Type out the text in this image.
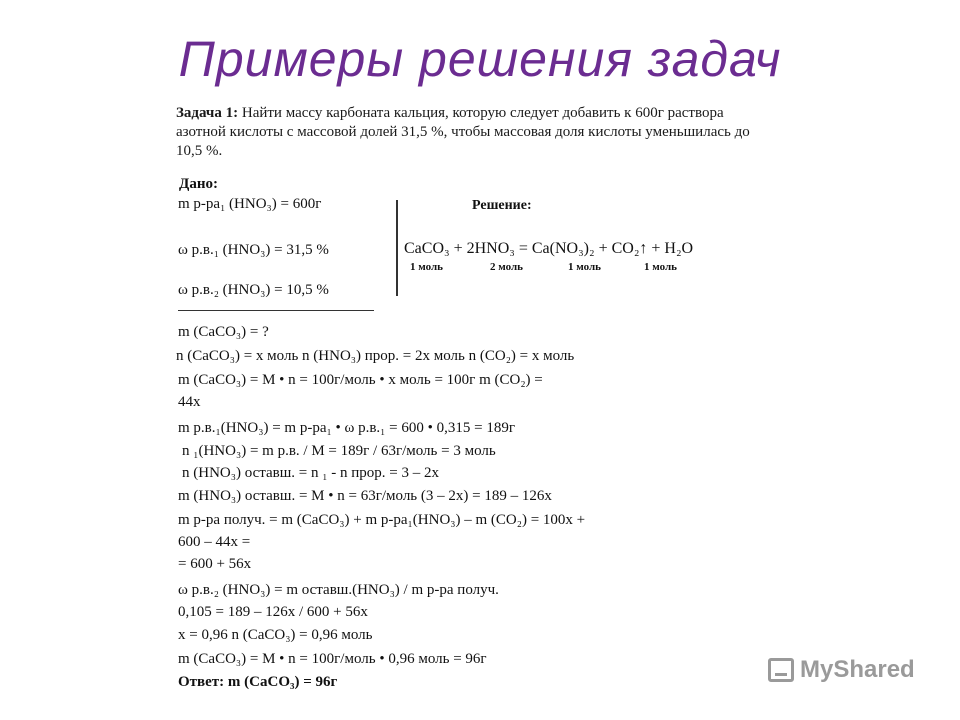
Примеры решения задач
Задача 1: Найти массу карбоната кальция, которую следует добавить к 600г раствора азотной кислоты с массовой долей 31,5 %, чтобы массовая доля кислоты уменьшилась до 10,5 %.
Дано:
m р-ра₁ (HNO₃) = 600г
ω р.в.₁ (HNO₃) = 31,5 %
ω р.в.₂ (HNO₃) = 10,5 %
m (CaCO₃) = ?
Решение:
CaCO₃ + 2HNO₃ = Ca(NO₃)₂ + CO₂↑ + H₂O
1 моль	2 моль	1 моль	1 моль
n (CaCO₃) = x моль n (HNO₃) прор. = 2x моль n (CO₂) = x моль
m (CaCO₃) = M • n = 100г/моль • x моль = 100г m (CO₂) =
44x
m р.в.₁(HNO₃) = m р-ра₁ • ω р.в.₁ = 600 • 0,315 = 189г
n ₁(HNO₃) = m р.в. / M = 189г / 63г/моль = 3 моль
n (HNO₃) оставш. = n ₁ - n прор. = 3 – 2x
m (HNO₃) оставш. = M • n = 63г/моль (3 – 2x) = 189 – 126x
m р-ра получ. = m (CaCO₃) + m р-ра₁(HNO₃) – m (CO₂) = 100x +
600 – 44x =
= 600 + 56x
ω р.в.₂ (HNO₃) = m оставш.(HNO₃) / m р-ра получ.
0,105 = 189 – 126x / 600 + 56x
x = 0,96 n (CaCO₃) = 0,96 моль
m (CaCO₃) = M • n = 100г/моль • 0,96 моль = 96г
Ответ: m (CaCO₃) = 96г	MyShared
